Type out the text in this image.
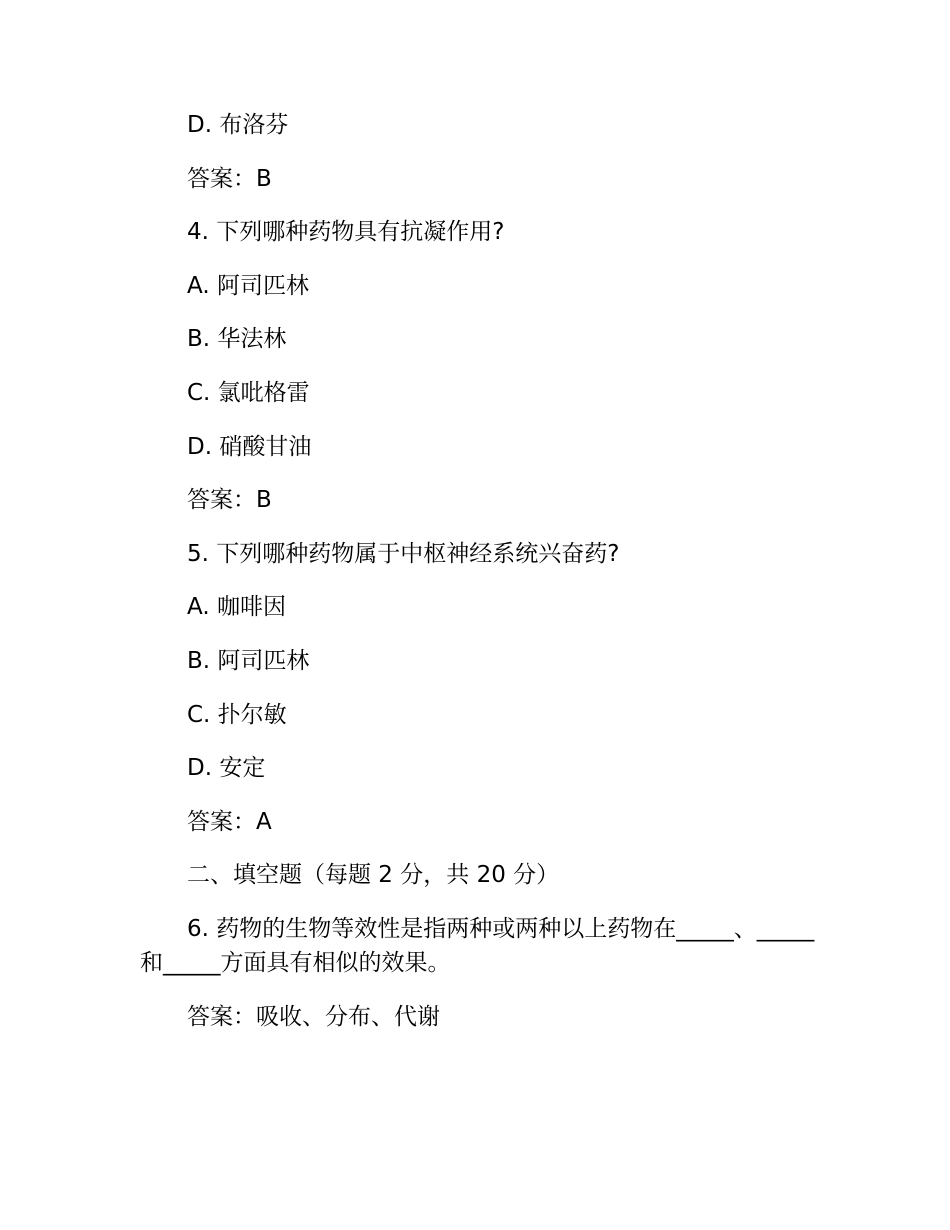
D. 布洛芬

答案：B

4. 下列哪种药物具有抗凝作用?

A. 阿司匹林

B. 华法林

C. 氯吡格雷

D. 硝酸甘油

答案：B

5. 下列哪种药物属于中枢神经系统兴奋药?

A. 咖啡因

B. 阿司匹林

C. 扑尔敏

D. 安定

答案：A

二、填空题（每题 2 分，共 20 分）

6. 药物的生物等效性是指两种或两种以上药物在_____、_____和_____方面具有相似的效果。

答案：吸收、分布、代谢
